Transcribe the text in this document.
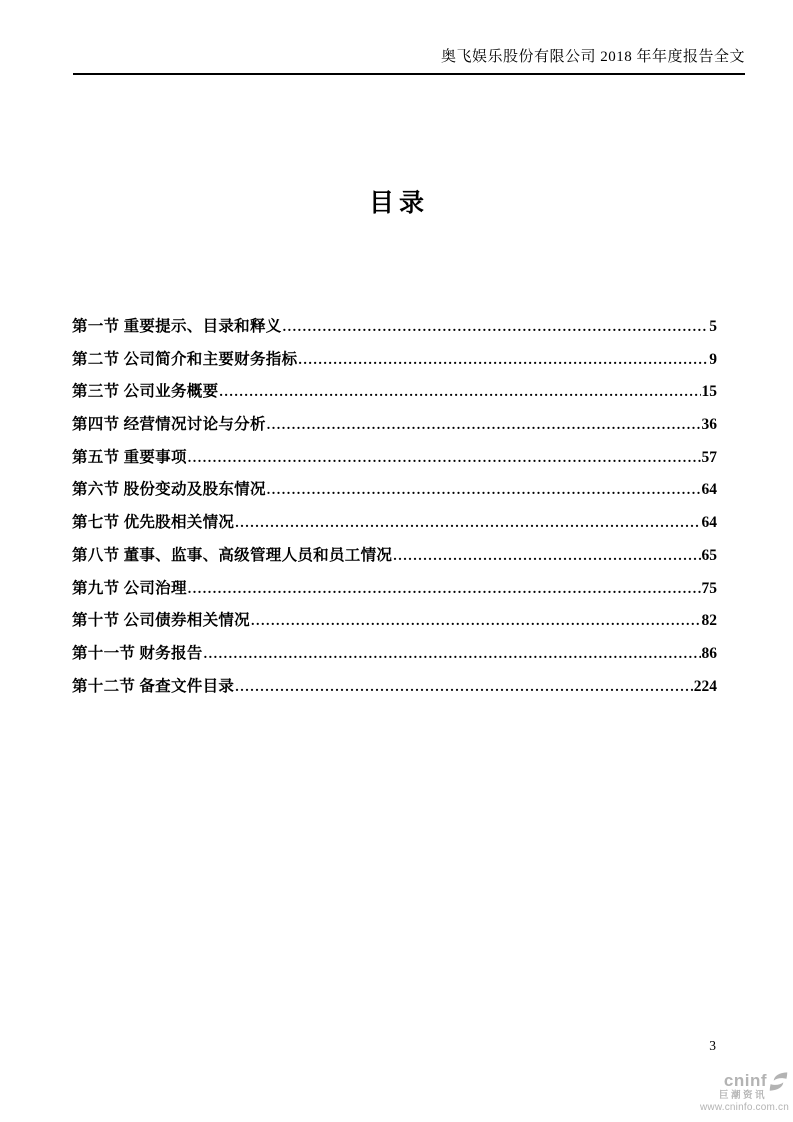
奥飞娱乐股份有限公司 2018 年年度报告全文
目录
第一节 重要提示、目录和释义 .....	5
第二节 公司简介和主要财务指标 .....	9
第三节 公司业务概要 .....	15
第四节 经营情况讨论与分析 .....	36
第五节 重要事项 .....	57
第六节 股份变动及股东情况 .....	64
第七节 优先股相关情况 .....	64
第八节 董事、监事、高级管理人员和员工情况 .....	65
第九节 公司治理 .....	75
第十节 公司债券相关情况 .....	82
第十一节 财务报告 .....	86
第十二节 备查文件目录 .....	224
3
cninf
巨潮资讯
www.cninfo.com.cn
